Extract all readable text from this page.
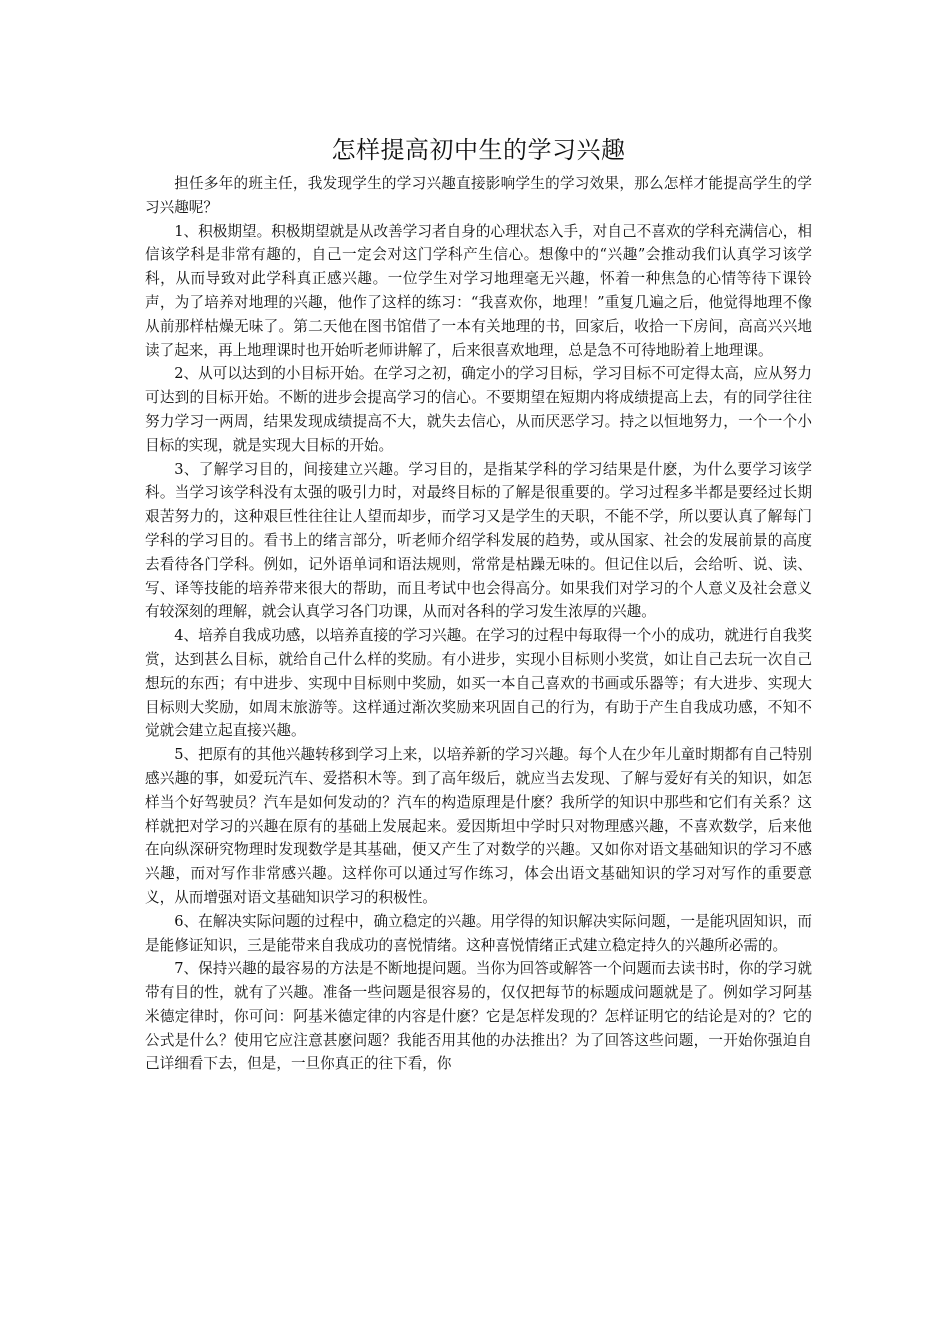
怎样提高初中生的学习兴趣

担任多年的班主任，我发现学生的学习兴趣直接影响学生的学习效果，那么怎样才能提高学生的学习兴趣呢？

1、积极期望。积极期望就是从改善学习者自身的心理状态入手，对自己不喜欢的学科充满信心，相信该学科是非常有趣的，自己一定会对这门学科产生信心。想像中的“兴趣”会推动我们认真学习该学科，从而导致对此学科真正感兴趣。一位学生对学习地理毫无兴趣，怀着一种焦急的心情等待下课铃声，为了培养对地理的兴趣，他作了这样的练习：“我喜欢你，地理！”重复几遍之后，他觉得地理不像从前那样枯燥无味了。第二天他在图书馆借了一本有关地理的书，回家后，收拾一下房间，高高兴兴地读了起来，再上地理课时也开始听老师讲解了，后来很喜欢地理，总是急不可待地盼着上地理课。

2、从可以达到的小目标开始。在学习之初，确定小的学习目标，学习目标不可定得太高，应从努力可达到的目标开始。不断的进步会提高学习的信心。不要期望在短期内将成绩提高上去，有的同学往往努力学习一两周，结果发现成绩提高不大，就失去信心，从而厌恶学习。持之以恒地努力，一个一个小目标的实现，就是实现大目标的开始。

3、了解学习目的，间接建立兴趣。学习目的，是指某学科的学习结果是什麽，为什么要学习该学科。当学习该学科没有太强的吸引力时，对最终目标的了解是很重要的。学习过程多半都是要经过长期艰苦努力的，这种艰巨性往往让人望而却步，而学习又是学生的天职，不能不学，所以要认真了解每门学科的学习目的。看书上的绪言部分，听老师介绍学科发展的趋势，或从国家、社会的发展前景的高度去看待各门学科。例如，记外语单词和语法规则，常常是枯躁无味的。但记住以后，会给听、说、读、写、译等技能的培养带来很大的帮助，而且考试中也会得高分。如果我们对学习的个人意义及社会意义有较深刻的理解，就会认真学习各门功课，从而对各科的学习发生浓厚的兴趣。

4、培养自我成功感，以培养直接的学习兴趣。在学习的过程中每取得一个小的成功，就进行自我奖赏，达到甚么目标，就给自己什么样的奖励。有小进步，实现小目标则小奖赏，如让自己去玩一次自己想玩的东西；有中进步、实现中目标则中奖励，如买一本自己喜欢的书画或乐器等；有大进步、实现大目标则大奖励，如周末旅游等。这样通过渐次奖励来巩固自己的行为，有助于产生自我成功感，不知不觉就会建立起直接兴趣。

5、把原有的其他兴趣转移到学习上来，以培养新的学习兴趣。每个人在少年儿童时期都有自己特别感兴趣的事，如爱玩汽车、爱搭积木等。到了高年级后，就应当去发现、了解与爱好有关的知识，如怎样当个好驾驶员？汽车是如何发动的？汽车的构造原理是什麽？我所学的知识中那些和它们有关系？这样就把对学习的兴趣在原有的基础上发展起来。爱因斯坦中学时只对物理感兴趣，不喜欢数学，后来他在向纵深研究物理时发现数学是其基础，便又产生了对数学的兴趣。又如你对语文基础知识的学习不感兴趣，而对写作非常感兴趣。这样你可以通过写作练习，体会出语文基础知识的学习对写作的重要意义，从而增强对语文基础知识学习的积极性。

6、在解决实际问题的过程中，确立稳定的兴趣。用学得的知识解决实际问题，一是能巩固知识，而是能修证知识，三是能带来自我成功的喜悦情绪。这种喜悦情绪正式建立稳定持久的兴趣所必需的。

7、保持兴趣的最容易的方法是不断地提问题。当你为回答或解答一个问题而去读书时，你的学习就带有目的性，就有了兴趣。准备一些问题是很容易的，仅仅把每节的标题成问题就是了。例如学习阿基米德定律时，你可问：阿基米德定律的内容是什麽？它是怎样发现的？怎样证明它的结论是对的？它的公式是什么？使用它应注意甚麽问题？我能否用其他的办法推出？为了回答这些问题，一开始你强迫自己详细看下去，但是，一旦你真正的往下看，你
